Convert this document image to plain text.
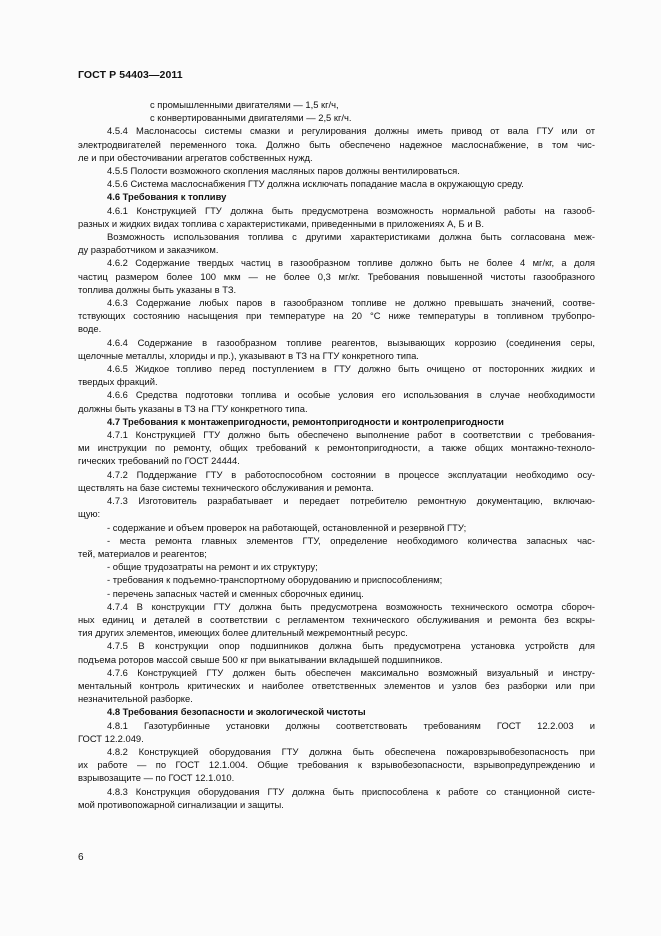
ГОСТ Р 54403—2011
с промышленными двигателями — 1,5 кг/ч,
с конвертированными двигателями — 2,5 кг/ч.
4.5.4 Маслонасосы системы смазки и регулирования должны иметь привод от вала ГТУ или от
электродвигателей переменного тока. Должно быть обеспечено надежное маслоснабжение, в том чис-
ле и при обесточивании агрегатов собственных нужд.
4.5.5 Полости возможного скопления масляных паров должны вентилироваться.
4.5.6 Система маслоснабжения ГТУ должна исключать попадание масла в окружающую среду.
4.6 Требования к топливу
4.6.1 Конструкцией ГТУ должна быть предусмотрена возможность нормальной работы на газооб-
разных и жидких видах топлива с характеристиками, приведенными в приложениях А, Б и В.
Возможность использования топлива с другими характеристиками должна быть согласована меж-
ду разработчиком и заказчиком.
4.6.2 Содержание твердых частиц в газообразном топливе должно быть не более 4 мг/кг, а доля
частиц размером более 100 мкм — не более 0,3 мг/кг. Требования повышенной чистоты газообразного
топлива должны быть указаны в ТЗ.
4.6.3 Содержание любых паров в газообразном топливе не должно превышать значений, соотве-
тствующих состоянию насыщения при температуре на 20 °С ниже температуры в топливном трубопро-
воде.
4.6.4 Содержание в газообразном топливе реагентов, вызывающих коррозию (соединения серы,
щелочные металлы, хлориды и пр.), указывают в ТЗ на ГТУ конкретного типа.
4.6.5 Жидкое топливо перед поступлением в ГТУ должно быть очищено от посторонних жидких и
твердых фракций.
4.6.6 Средства подготовки топлива и особые условия его использования в случае необходимости
должны быть указаны в ТЗ на ГТУ конкретного типа.
4.7 Требования к монтажепригодности, ремонтопригодности и контролепригодности
4.7.1 Конструкцией ГТУ должно быть обеспечено выполнение работ в соответствии с требования-
ми инструкции по ремонту, общих требований к ремонтопригодности, а также общих монтажно-техноло-
гических требований по ГОСТ 24444.
4.7.2 Поддержание ГТУ в работоспособном состоянии в процессе эксплуатации необходимо осу-
ществлять на базе системы технического обслуживания и ремонта.
4.7.3 Изготовитель разрабатывает и передает потребителю ремонтную документацию, включаю-
щую:
- содержание и объем проверок на работающей, остановленной и резервной ГТУ;
- места ремонта главных элементов ГТУ, определение необходимого количества запасных час-
тей, материалов и реагентов;
- общие трудозатраты на ремонт и их структуру;
- требования к подъемно-транспортному оборудованию и приспособлениям;
- перечень запасных частей и сменных сборочных единиц.
4.7.4 В конструкции ГТУ должна быть предусмотрена возможность технического осмотра сбороч-
ных единиц и деталей в соответствии с регламентом технического обслуживания и ремонта без вскры-
тия других элементов, имеющих более длительный межремонтный ресурс.
4.7.5 В конструкции опор подшипников должна быть предусмотрена установка устройств для
подъема роторов массой свыше 500 кг при выкатывании вкладышей подшипников.
4.7.6 Конструкцией ГТУ должен быть обеспечен максимально возможный визуальный и инстру-
ментальный контроль критических и наиболее ответственных элементов и узлов без разборки или при
незначительной разборке.
4.8 Требования безопасности и экологической чистоты
4.8.1 Газотурбинные установки должны соответствовать требованиям ГОСТ 12.2.003 и
ГОСТ 12.2.049.
4.8.2 Конструкцией оборудования ГТУ должна быть обеспечена пожаровзрывобезопасность при
их работе — по ГОСТ 12.1.004. Общие требования к взрывобезопасности, взрывопредупреждению и
взрывозащите — по ГОСТ 12.1.010.
4.8.3 Конструкция оборудования ГТУ должна быть приспособлена к работе со станционной систе-
мой противопожарной сигнализации и защиты.
6
